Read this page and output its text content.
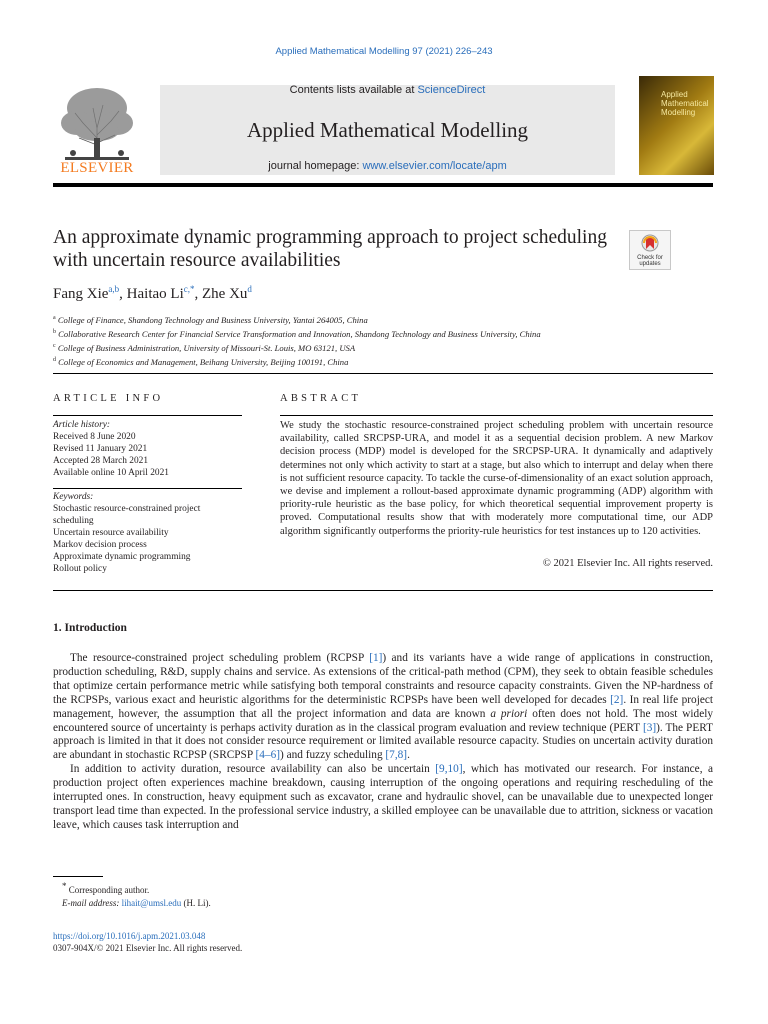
Applied Mathematical Modelling 97 (2021) 226–243
Contents lists available at ScienceDirect
Applied Mathematical Modelling
journal homepage: www.elsevier.com/locate/apm
ELSEVIER
Applied Mathematical Modelling
An approximate dynamic programming approach to project scheduling with uncertain resource availabilities	Check for updates
Fang Xie$^{a,b}$, Haitao $Li^{c,*}$, Zhe Xu$^d$
$^a$ College of Finance, Shandong Technology and Business University, Yantai 264005, China
$^b$ Collaborative Research Center for Financial Service Transformation and Innovation, Shandong Technology and Business University, China
$^c$ College of Business Administration, University of Missouri-St. Louis, MO 63121, USA
$^d$ College of Economics and Management, Beihang University, Beijing 100191, China
ARTICLE INFO
Article history:
Received 8 June 2020
Revised 11 January 2021
Accepted 28 March 2021
Available online 10 April 2021
Keywords:
Stochastic resource-constrained project scheduling
Uncertain resource availability
Markov decision process
Approximate dynamic programming
Rollout policy
ABSTRACT
We study the stochastic resource-constrained project scheduling problem with uncertain resource availability, called SRCPSP-URA, and model it as a sequential decision problem. A new Markov decision process (MDP) model is developed for the SRCPSP-URA. It dynamically and adaptively determines not only which activity to start at a stage, but also which to interrupt and delay when there is not sufficient resource capacity. To tackle the curse-of-dimensionality of an exact solution approach, we devise and implement a rollout-based approximate dynamic programming (ADP) algorithm with priority-rule heuristic as the base policy, for which theoretical sequential improvement property is proved. Computational results show that with moderately more computational time, our ADP algorithm significantly outperforms the priority-rule heuristics for test instances up to 120 activities.
© 2021 Elsevier Inc. All rights reserved.
1. Introduction

The resource-constrained project scheduling problem (RCPSP [1]) and its variants have a wide range of applications in construction, production scheduling, R&D, supply chains and service. As extensions of the critical-path method (CPM), they seek to obtain feasible schedules that optimize certain performance metric while satisfying both temporal constraints and resource capacity constraints. Given the NP-hardness of the RCPSPs, various exact and heuristic algorithms for the deterministic RCPSPs have been well developed for decades [2]. In real life project management, however, the assumption that all the project information and data are known a priori often does not hold. The most widely encountered source of uncertainty is perhaps activity duration as in the classical program evaluation and review technique (PERT [3]). The PERT approach is limited in that it does not consider resource requirement or limited available resource capacity. Studies on uncertain activity duration are abundant in stochastic RCPSP (SRCPSP [4–6]) and fuzzy scheduling [7,8].

In addition to activity duration, resource availability can also be uncertain [9,10], which has motivated our research. For instance, a production project often experiences machine breakdown, causing interruption of the ongoing operations and requiring rescheduling of the interrupted ones. In construction, heavy equipment such as excavator, crane and hydraulic shovel, can be unavailable due to unexpected longer transport lead time than expected. In the professional service industry, a skilled employee can be unavailable due to attrition, sickness or vacation leave, which causes task interruption and

* Corresponding author.
E-mail address: lihait@umsl.edu (H. Li).
https://doi.org/10.1016/j.apm.2021.03.048
0307-904X/© 2021 Elsevier Inc. All rights reserved.
